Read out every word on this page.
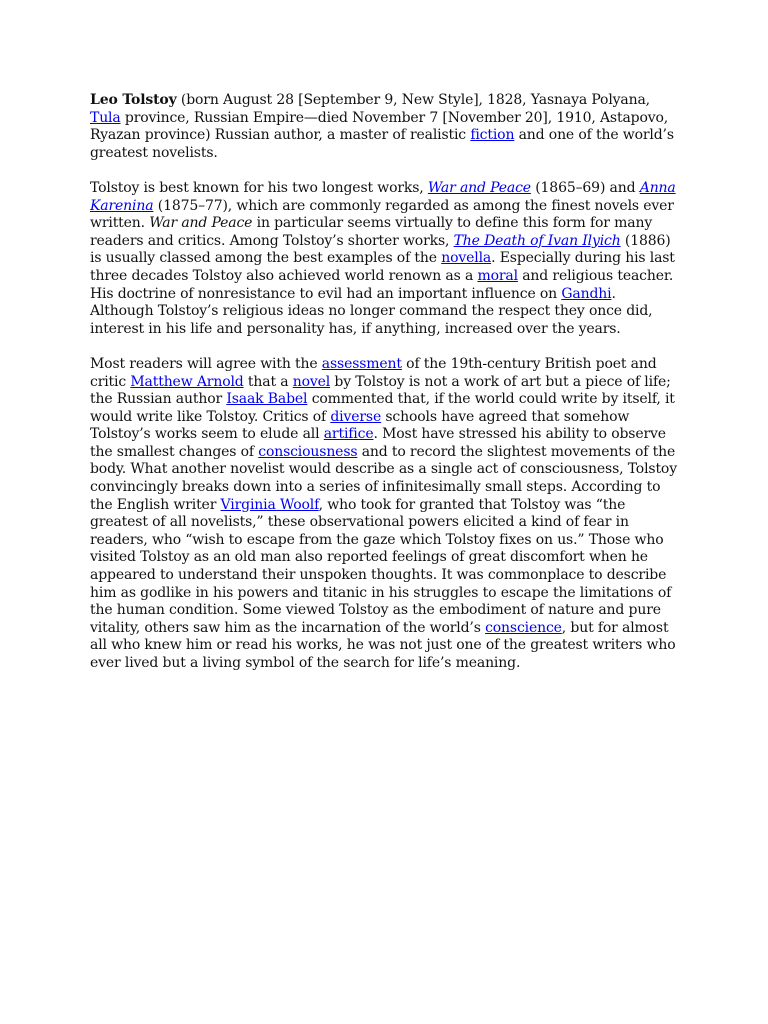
Leo Tolstoy (born August 28 [September 9, New Style], 1828, Yasnaya Polyana, Tula province, Russian Empire—died November 7 [November 20], 1910, Astapovo, Ryazan province) Russian author, a master of realistic fiction and one of the world’s greatest novelists.

Tolstoy is best known for his two longest works, War and Peace (1865–69) and Anna Karenina (1875–77), which are commonly regarded as among the finest novels ever written. War and Peace in particular seems virtually to define this form for many readers and critics. Among Tolstoy’s shorter works, The Death of Ivan Ilyich (1886) is usually classed among the best examples of the novella. Especially during his last three decades Tolstoy also achieved world renown as a moral and religious teacher. His doctrine of nonresistance to evil had an important influence on Gandhi. Although Tolstoy’s religious ideas no longer command the respect they once did, interest in his life and personality has, if anything, increased over the years.

Most readers will agree with the assessment of the 19th-century British poet and critic Matthew Arnold that a novel by Tolstoy is not a work of art but a piece of life; the Russian author Isaak Babel commented that, if the world could write by itself, it would write like Tolstoy. Critics of diverse schools have agreed that somehow Tolstoy’s works seem to elude all artifice. Most have stressed his ability to observe the smallest changes of consciousness and to record the slightest movements of the body. What another novelist would describe as a single act of consciousness, Tolstoy convincingly breaks down into a series of infinitesimally small steps. According to the English writer Virginia Woolf, who took for granted that Tolstoy was “the greatest of all novelists,” these observational powers elicited a kind of fear in readers, who “wish to escape from the gaze which Tolstoy fixes on us.” Those who visited Tolstoy as an old man also reported feelings of great discomfort when he appeared to understand their unspoken thoughts. It was commonplace to describe him as godlike in his powers and titanic in his struggles to escape the limitations of the human condition. Some viewed Tolstoy as the embodiment of nature and pure vitality, others saw him as the incarnation of the world’s conscience, but for almost all who knew him or read his works, he was not just one of the greatest writers who ever lived but a living symbol of the search for life’s meaning.
